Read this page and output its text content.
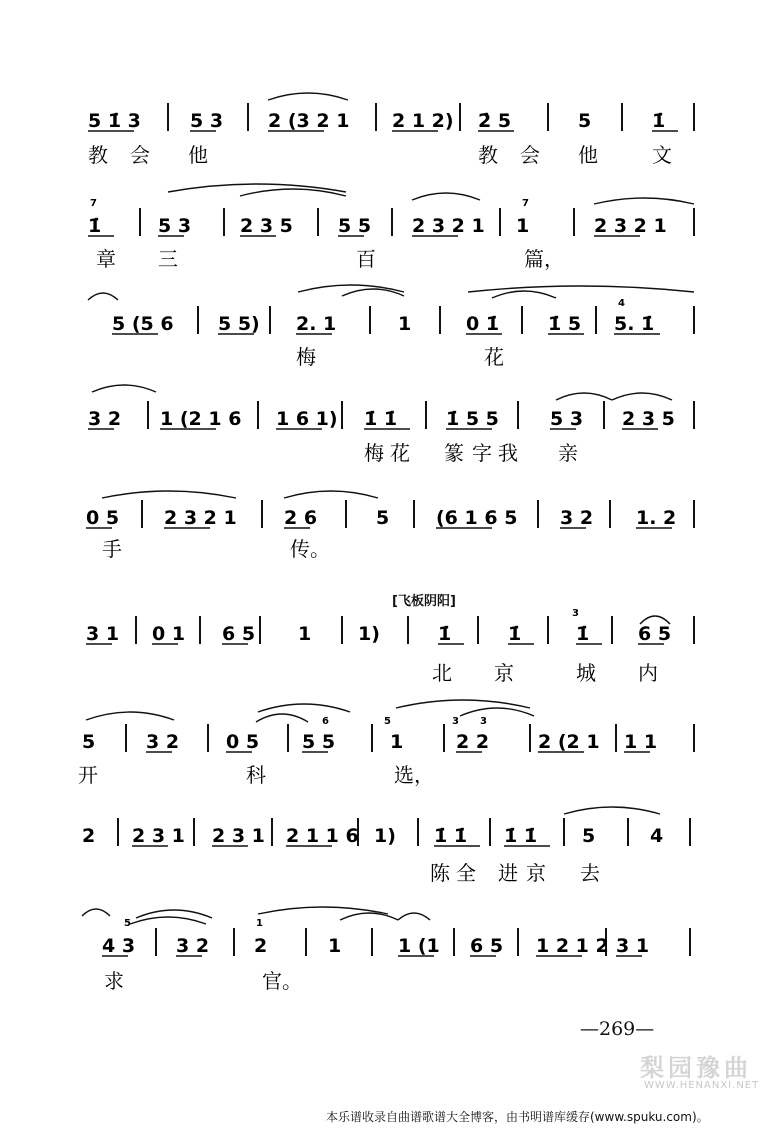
7	7
4
3
6	5	3 3
5	1
5 1̇ 3	5 3 2 (3 2 1 2 1 2) 2̇ 5	5	1̇
1̇	5 3	2 3 5 5 5 2 3 2 1 1	2 3 2 1
5 (5 6 5 5) 2. 1	1	0 1̇	1̇ 5 5. 1̇
3 2 1 (2 1 6 1 6 1) 1̇ 1̇	1̇ 5 5	5 3 2 3 5
0 5 2 3 2 1 2 6	5 (6 1 6 5 3 2 1. 2
3 1 0 1 6 5 1 1)	1̇	1̇	1̇	6 5
5	3 2 0 5 5 5	1	2 2	2 (2 1 1 1
2 2 3 1 2 3 1 2 1 1 6 1) 1̇ 1̇ 1̇ 1̇ 5	4
4 3 3 2 2	1	1 (1 6 5 1 2 1 2 3 1
教 会 他	教 会 他	文
章 三	百	篇，
梅	花
梅 花 篆 字 我 亲
手	传。
北 京	城 内
开	科	选，
陈 全 进 京 去
求	官。
[飞板阴阳]
—269—
梨园豫曲
WWW.HENANXI.NET
本乐谱收录自曲谱歌谱大全博客，由书明谱库缓存(www.spuku.com)。
